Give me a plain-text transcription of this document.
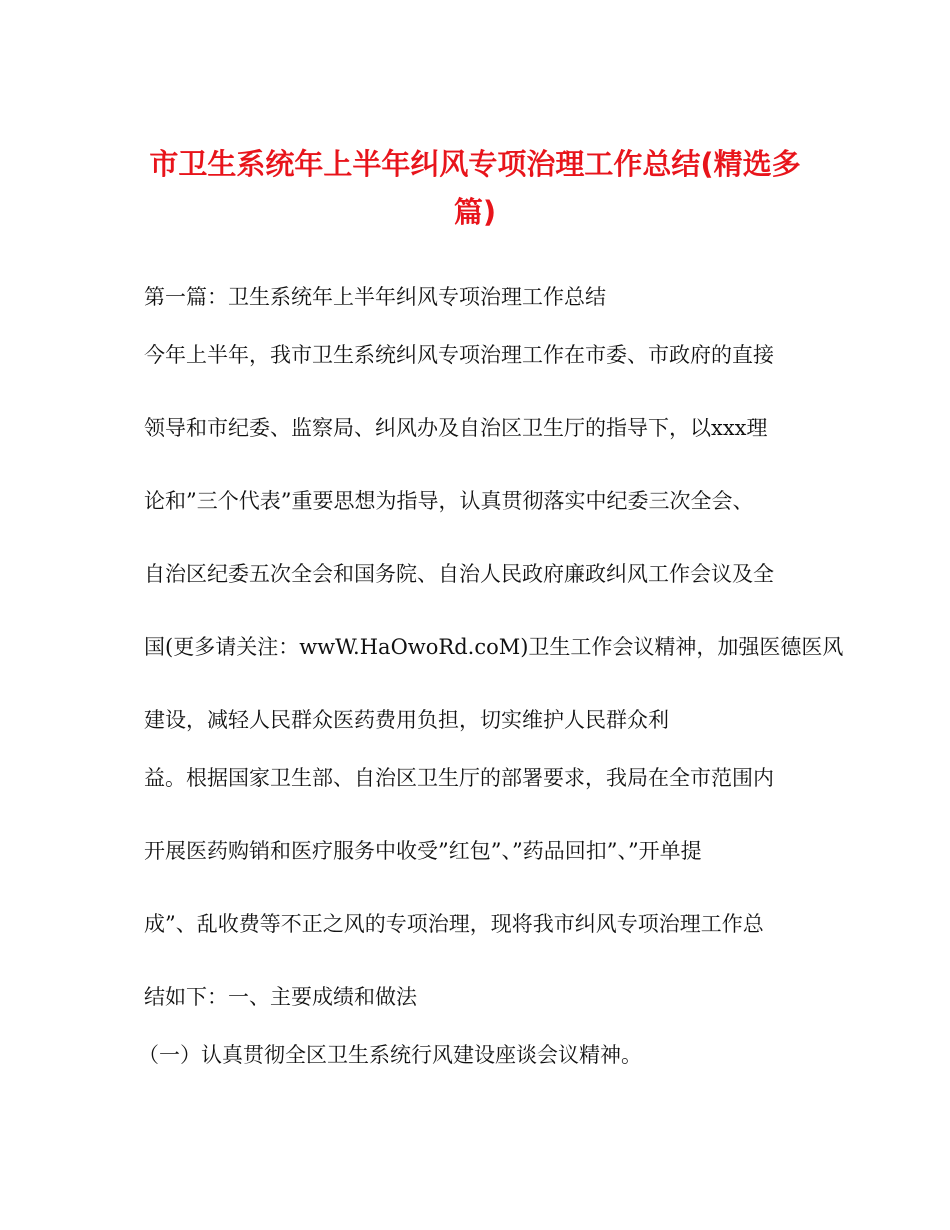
市卫生系统年上半年纠风专项治理工作总结(精选多篇)
第一篇：卫生系统年上半年纠风专项治理工作总结
今年上半年，我市卫生系统纠风专项治理工作在市委、市政府的直接
领导和市纪委、监察局、纠风办及自治区卫生厅的指导下，以xxx理
论和”三个代表”重要思想为指导，认真贯彻落实中纪委三次全会、
自治区纪委五次全会和国务院、自治人民政府廉政纠风工作会议及全
国(更多请关注：wwW.HaOwoRd.coM)卫生工作会议精神，加强医德医风
建设，减轻人民群众医药费用负担，切实维护人民群众利
益。根据国家卫生部、自治区卫生厅的部署要求，我局在全市范围内
开展医药购销和医疗服务中收受”红包”、”药品回扣”、”开单提
成”、乱收费等不正之风的专项治理，现将我市纠风专项治理工作总
结如下：一、主要成绩和做法
（一）认真贯彻全区卫生系统行风建设座谈会议精神。
